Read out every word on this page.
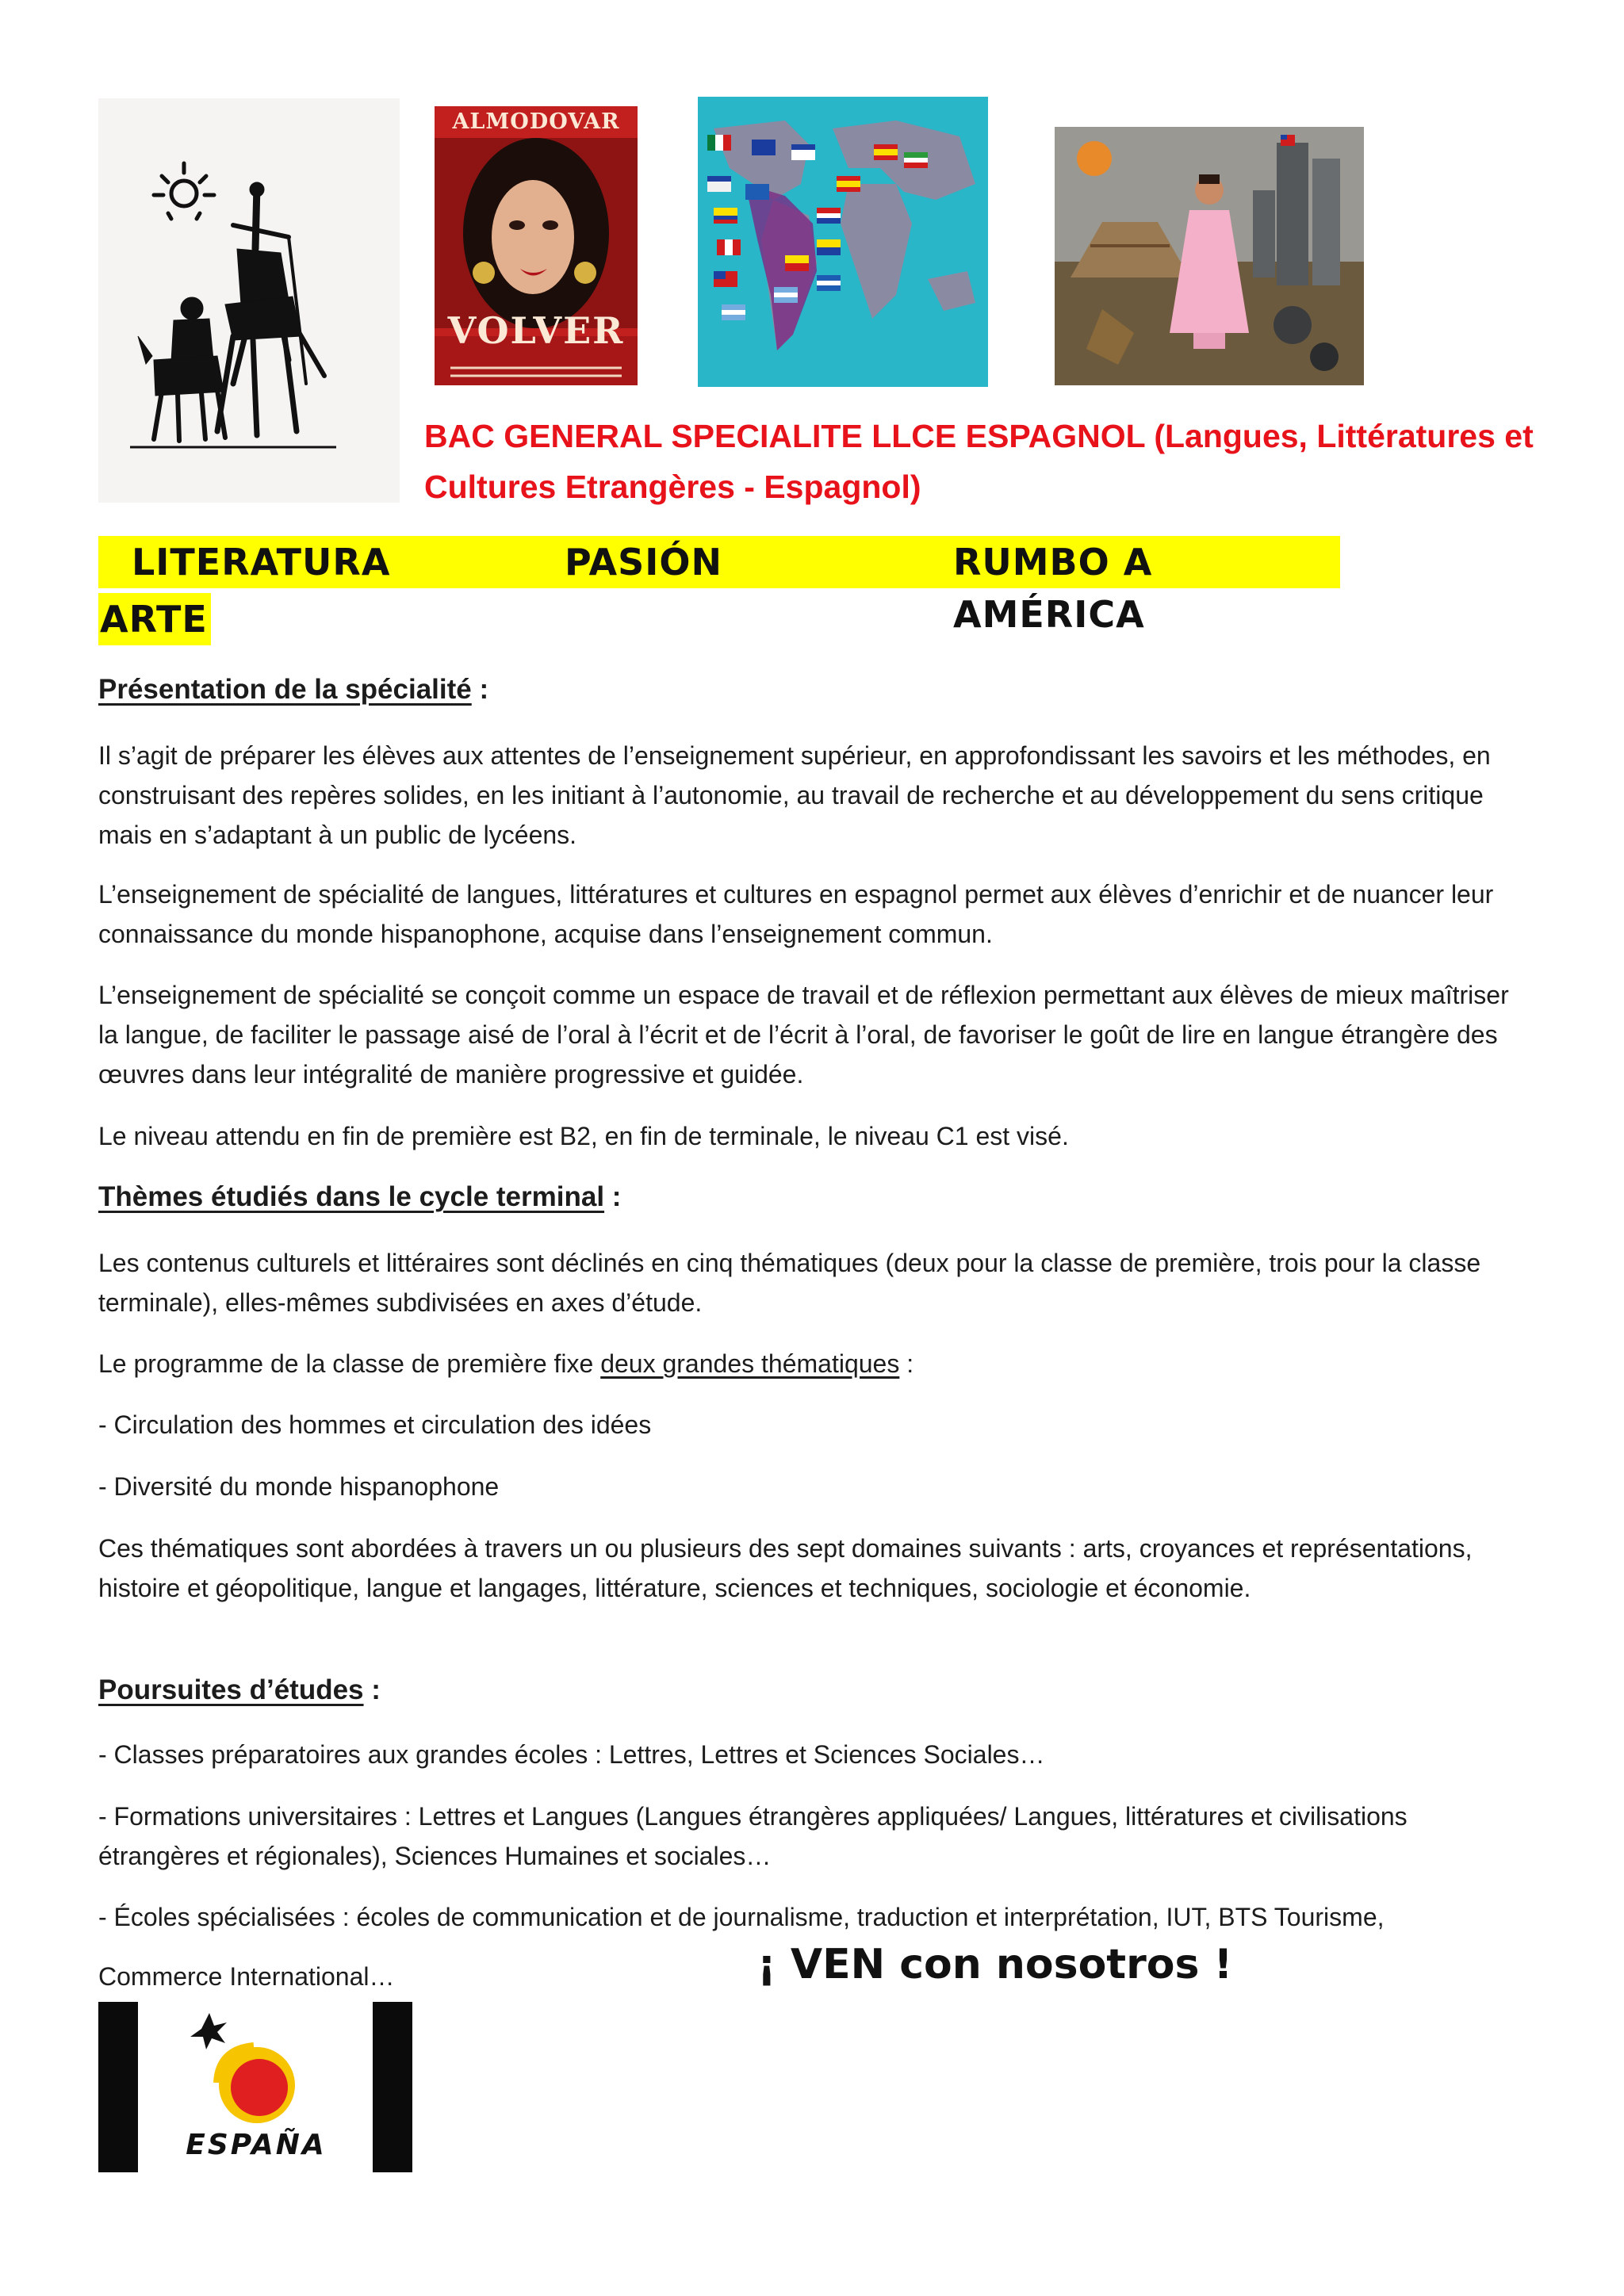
ALMODOVAR
VOLVER
BAC GENERAL SPECIALITE LLCE ESPAGNOL (Langues, Littératures et
Cultures Etrangères - Espagnol)
LITERATURA	PASIÓN	RUMBO A AMÉRICA
ARTE
Présentation de la spécialité :

Il s’agit de préparer les élèves aux attentes de l’enseignement supérieur, en approfondissant les savoirs et les méthodes, en construisant des repères solides, en les initiant à l’autonomie, au travail de recherche et au développement du sens critique mais en s’adaptant à un public de lycéens.

L’enseignement de spécialité de langues, littératures et cultures en espagnol permet aux élèves d’enrichir et de nuancer leur connaissance du monde hispanophone, acquise dans l’enseignement commun.

L’enseignement de spécialité se conçoit comme un espace de travail et de réflexion permettant aux élèves de mieux maîtriser la langue, de faciliter le passage aisé de l’oral à l’écrit et de l’écrit à l’oral, de favoriser le goût de lire en langue étrangère des œuvres dans leur intégralité de manière progressive et guidée.

Le niveau attendu en fin de première est B2, en fin de terminale, le niveau C1 est visé.

Thèmes étudiés dans le cycle terminal :

Les contenus culturels et littéraires sont déclinés en cinq thématiques (deux pour la classe de première, trois pour la classe terminale), elles-mêmes subdivisées en axes d’étude.

Le programme de la classe de première fixe deux grandes thématiques :

- Circulation des hommes et circulation des idées

- Diversité du monde hispanophone

Ces thématiques sont abordées à travers un ou plusieurs des sept domaines suivants : arts, croyances et représentations, histoire et géopolitique, langue et langages, littérature, sciences et techniques, sociologie et économie.

Poursuites d’études :

- Classes préparatoires aux grandes écoles : Lettres, Lettres et Sciences Sociales…

- Formations universitaires : Lettres et Langues (Langues étrangères appliquées/ Langues, littératures et civilisations étrangères et régionales), Sciences Humaines et sociales…

- Écoles spécialisées : écoles de communication et de journalisme, traduction et interprétation, IUT, BTS Tourisme,

Commerce International…	¡ VEN con nosotros !
ESPAÑA
